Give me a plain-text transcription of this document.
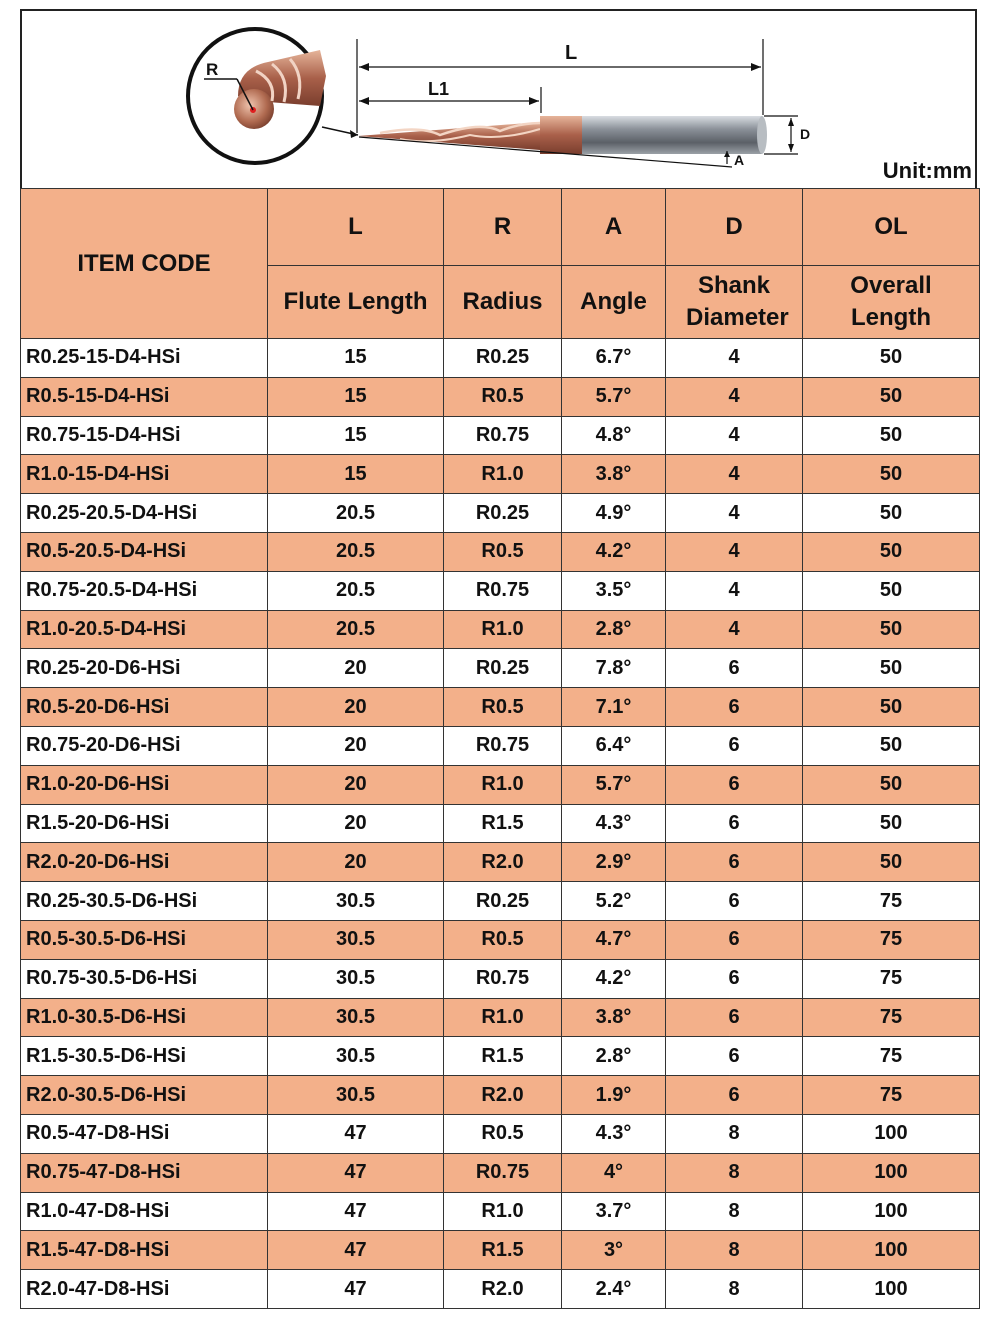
R
L
L1
D
A	Unit:mm
ITEM CODE	L	R	A	D	OL
	Flute Length	Radius	Angle	Shank Diameter	Overall Length
R0.25-15-D4-HSi	15	R0.25	6.7°	4	50
R0.5-15-D4-HSi	15	R0.5	5.7°	4	50
R0.75-15-D4-HSi	15	R0.75	4.8°	4	50
R1.0-15-D4-HSi	15	R1.0	3.8°	4	50
R0.25-20.5-D4-HSi	20.5	R0.25	4.9°	4	50
R0.5-20.5-D4-HSi	20.5	R0.5	4.2°	4	50
R0.75-20.5-D4-HSi	20.5	R0.75	3.5°	4	50
R1.0-20.5-D4-HSi	20.5	R1.0	2.8°	4	50
R0.25-20-D6-HSi	20	R0.25	7.8°	6	50
R0.5-20-D6-HSi	20	R0.5	7.1°	6	50
R0.75-20-D6-HSi	20	R0.75	6.4°	6	50
R1.0-20-D6-HSi	20	R1.0	5.7°	6	50
R1.5-20-D6-HSi	20	R1.5	4.3°	6	50
R2.0-20-D6-HSi	20	R2.0	2.9°	6	50
R0.25-30.5-D6-HSi	30.5	R0.25	5.2°	6	75
R0.5-30.5-D6-HSi	30.5	R0.5	4.7°	6	75
R0.75-30.5-D6-HSi	30.5	R0.75	4.2°	6	75
R1.0-30.5-D6-HSi	30.5	R1.0	3.8°	6	75
R1.5-30.5-D6-HSi	30.5	R1.5	2.8°	6	75
R2.0-30.5-D6-HSi	30.5	R2.0	1.9°	6	75
R0.5-47-D8-HSi	47	R0.5	4.3°	8	100
R0.75-47-D8-HSi	47	R0.75	4°	8	100
R1.0-47-D8-HSi	47	R1.0	3.7°	8	100
R1.5-47-D8-HSi	47	R1.5	3°	8	100
R2.0-47-D8-HSi	47	R2.0	2.4°	8	100
